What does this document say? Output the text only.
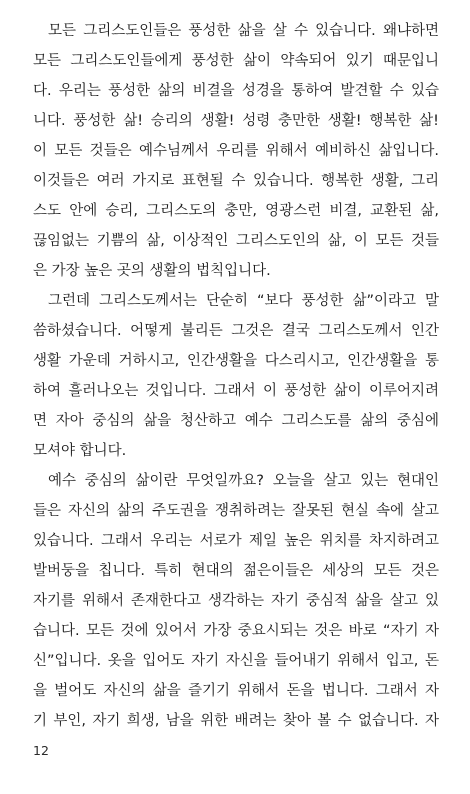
모든 그리스도인들은 풍성한 삶을 살 수 있습니다. 왜냐하면

모든 그리스도인들에게 풍성한 삶이 약속되어 있기 때문입니

다. 우리는 풍성한 삶의 비결을 성경을 통하여 발견할 수 있습

니다. 풍성한 삶! 승리의 생활! 성령 충만한 생활! 행복한 삶!

이 모든 것들은 예수님께서 우리를 위해서 예비하신 삶입니다.

이것들은 여러 가지로 표현될 수 있습니다. 행복한 생활, 그리

스도 안에 승리, 그리스도의 충만, 영광스런 비결, 교환된 삶,

끊임없는 기쁨의 삶, 이상적인 그리스도인의 삶, 이 모든 것들

은 가장 높은 곳의 생활의 법칙입니다.

그런데 그리스도께서는 단순히 “보다 풍성한 삶”이라고 말

씀하셨습니다. 어떻게 불리든 그것은 결국 그리스도께서 인간

생활 가운데 거하시고, 인간생활을 다스리시고, 인간생활을 통

하여 흘러나오는 것입니다. 그래서 이 풍성한 삶이 이루어지려

면 자아 중심의 삶을 청산하고 예수 그리스도를 삶의 중심에

모셔야 합니다.

예수 중심의 삶이란 무엇일까요? 오늘을 살고 있는 현대인

들은 자신의 삶의 주도권을 쟁취하려는 잘못된 현실 속에 살고

있습니다. 그래서 우리는 서로가 제일 높은 위치를 차지하려고

발버둥을 칩니다. 특히 현대의 젊은이들은 세상의 모든 것은

자기를 위해서 존재한다고 생각하는 자기 중심적 삶을 살고 있

습니다. 모든 것에 있어서 가장 중요시되는 것은 바로 “자기 자

신”입니다. 옷을 입어도 자기 자신을 들어내기 위해서 입고, 돈

을 벌어도 자신의 삶을 즐기기 위해서 돈을 법니다. 그래서 자

기 부인, 자기 희생, 남을 위한 배려는 찾아 볼 수 없습니다. 자

12
